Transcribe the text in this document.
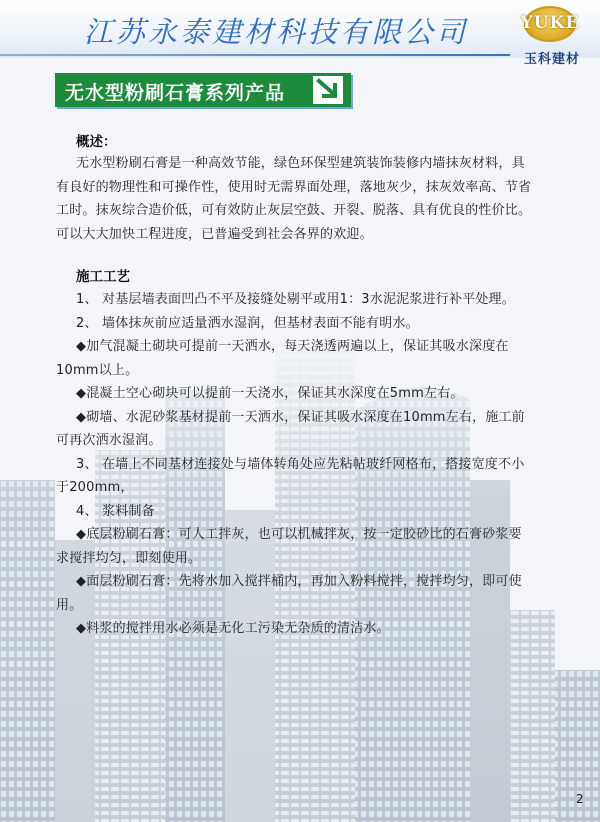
江苏永泰建材科技有限公司	YUKE
玉科建材
无水型粉刷石膏系列产品
概述：
无水型粉刷石膏是一种高效节能，绿色环保型建筑装饰装修内墙抹灰材料，具
有良好的物理性和可操作性，使用时无需界面处理，落地灰少，抹灰效率高、节省
工时。抹灰综合造价低，可有效防止灰层空鼓、开裂、脱落、具有优良的性价比。
可以大大加快工程进度，已普遍受到社会各界的欢迎。
施工工艺
1、 对基层墙表面凹凸不平及接缝处剔平或用1：3水泥泥浆进行补平处理。
2、 墙体抹灰前应适量洒水湿润，但基材表面不能有明水。
◆加气混凝土砌块可提前一天洒水，每天浇透两遍以上，保证其吸水深度在
10mm以上。
◆混凝土空心砌块可以提前一天浇水，保证其水深度在5mm左右。
◆砌墙、水泥砂浆基材提前一天洒水，保证其吸水深度在10mm左右，施工前
可再次洒水湿润。
3、 在墙上不同基材连接处与墙体转角处应先粘帖玻纤网格布，搭接宽度不小
于200mm，
4、 浆料制备
◆底层粉刷石膏：可人工拌灰，也可以机械拌灰，按一定胶砂比的石膏砂浆要
求搅拌均匀，即刻使用。
◆面层粉刷石膏：先将水加入搅拌桶内，再加入粉料搅拌，搅拌均匀，即可使
用。
◆料浆的搅拌用水必须是无化工污染无杂质的清洁水。
2
